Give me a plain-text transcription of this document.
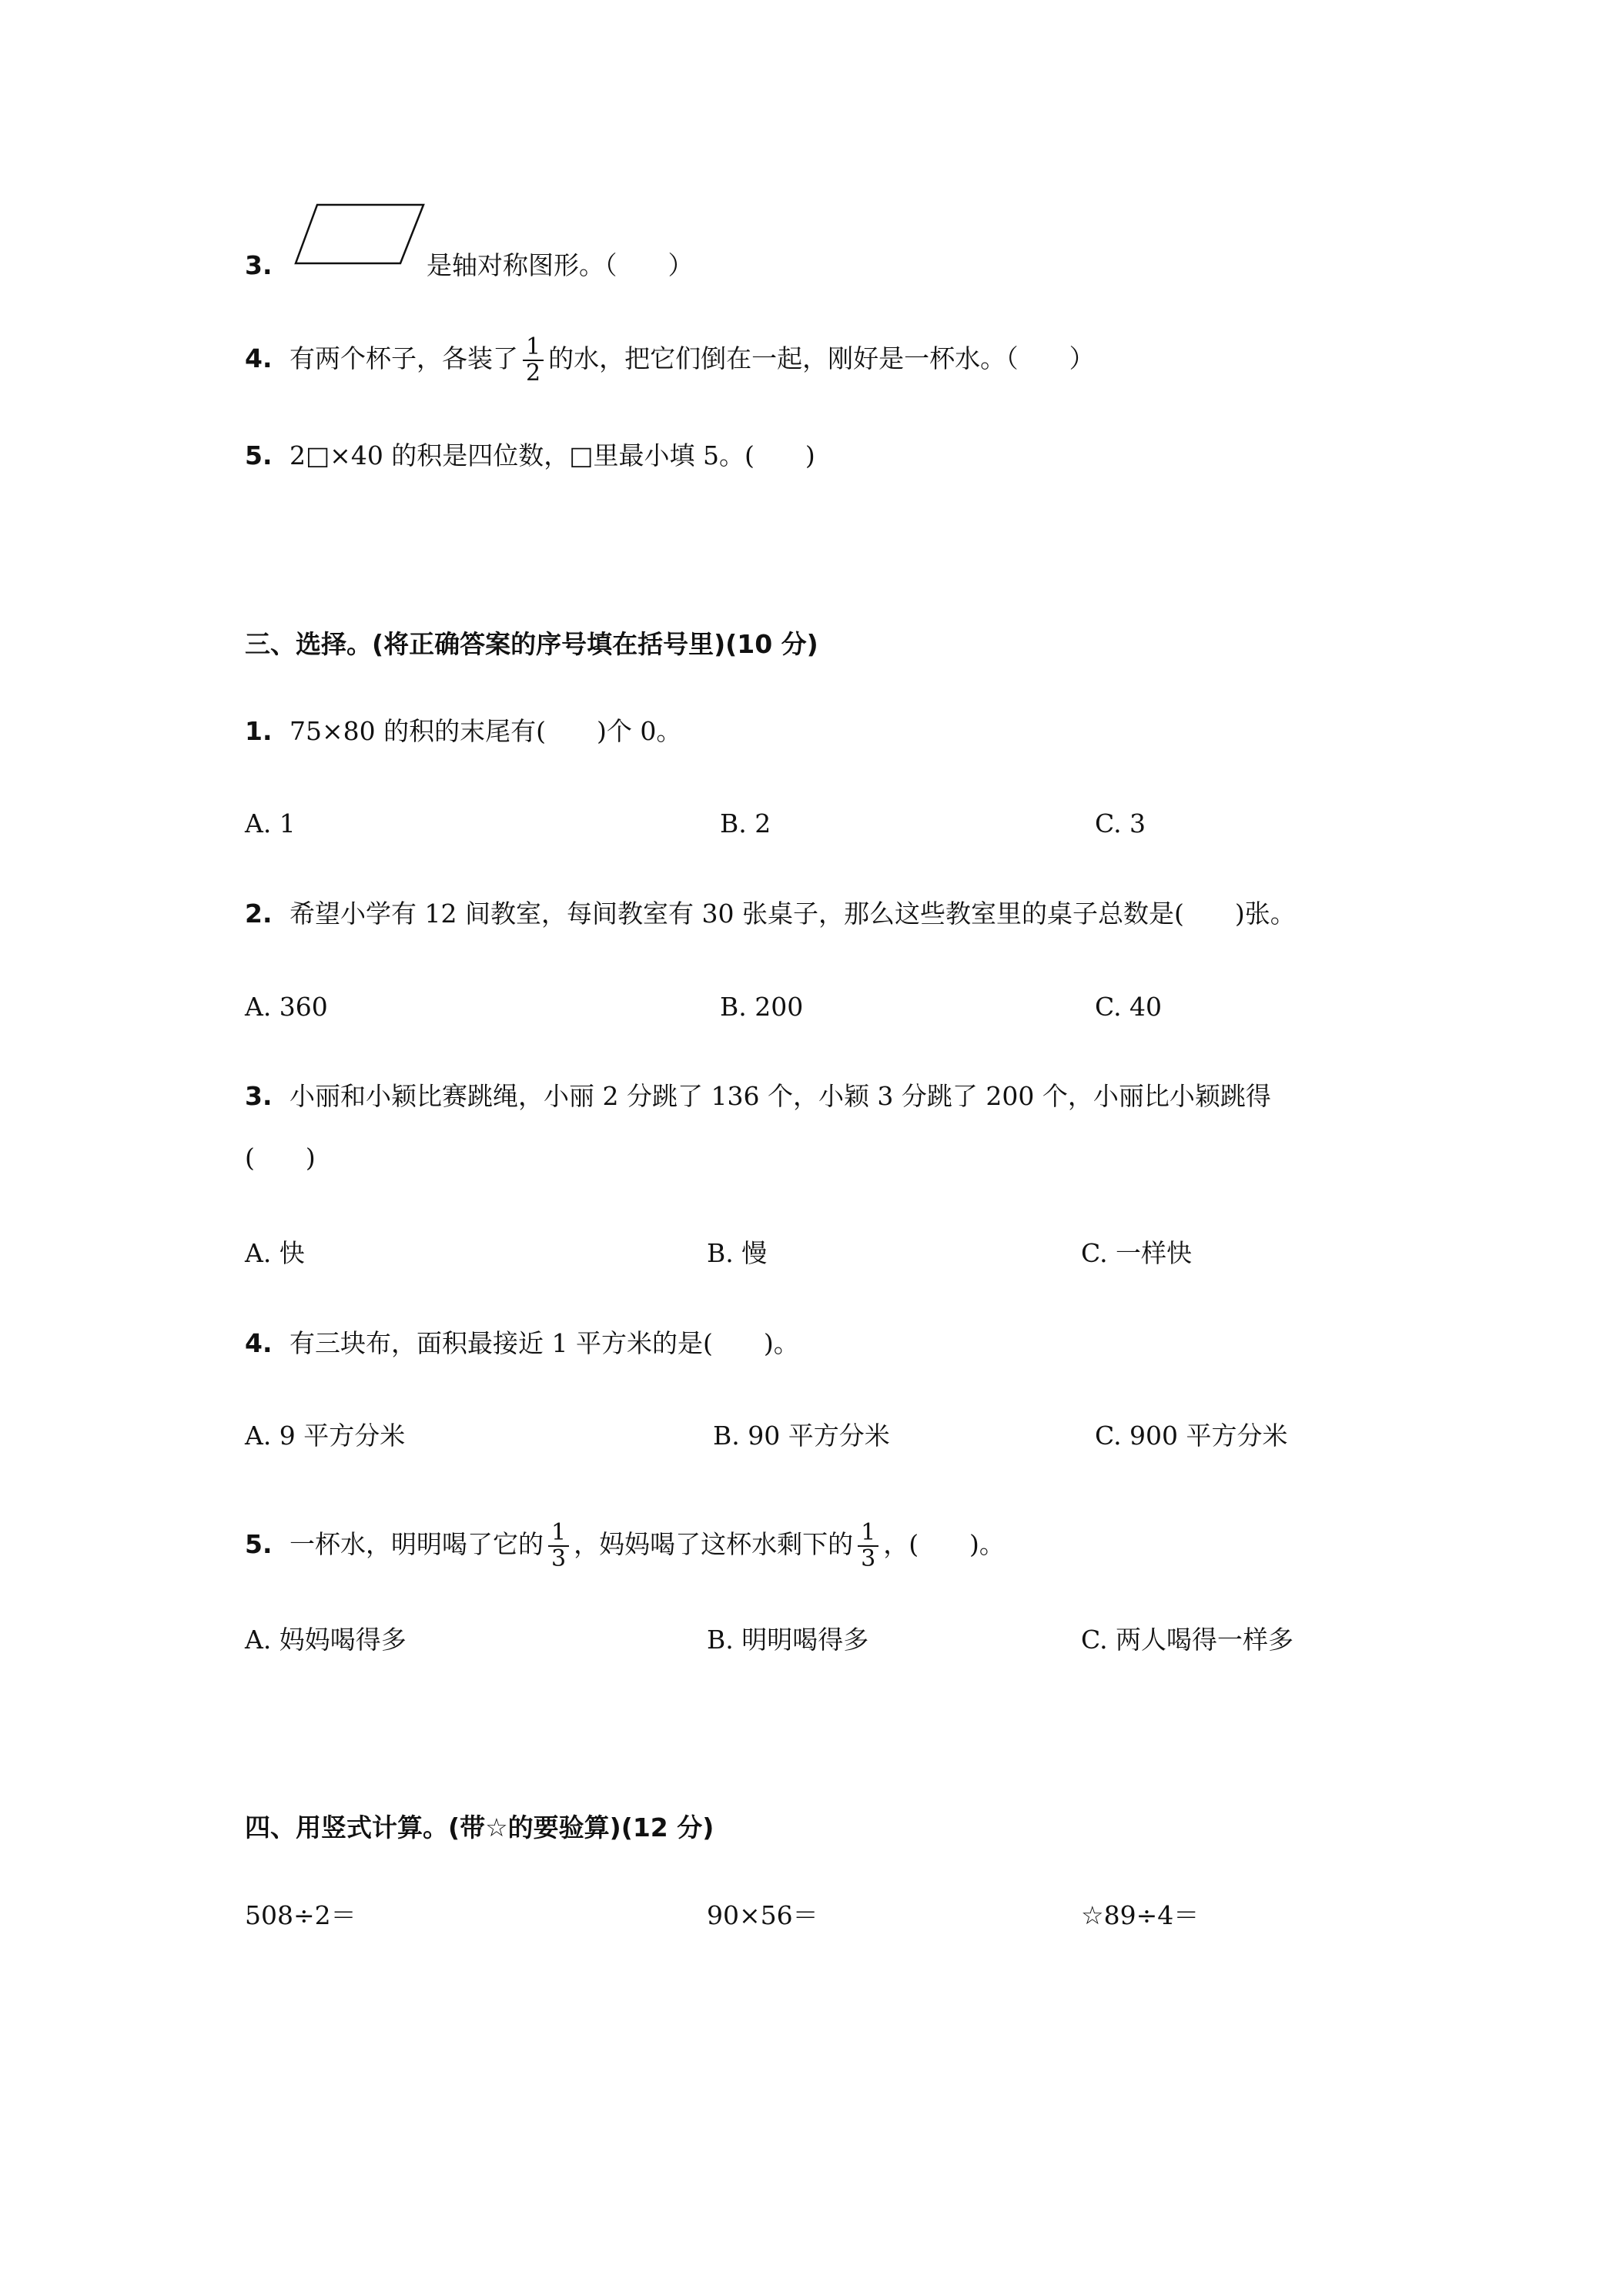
3.	是轴对称图形。（　　）
4. 有两个杯子，各装了 $\frac{1}{2}$ 的水，把它们倒在一起，刚好是一杯水。（　　）
5. 2□×40 的积是四位数，□里最小填 5。(　　)
三、选择。(将正确答案的序号填在括号里)(10 分)
1. 75×80 的积的末尾有(　　)个 0。
A. 1	B. 2	C. 3
2. 希望小学有 12 间教室，每间教室有 30 张桌子，那么这些教室里的桌子总数是(　　)张。
A. 360	B. 200	C. 40
3. 小丽和小颖比赛跳绳，小丽 2 分跳了 136 个，小颖 3 分跳了 200 个，小丽比小颖跳得
(　　)
A. 快	B. 慢	C. 一样快
4. 有三块布，面积最接近 1 平方米的是(　　)。
A. 9 平方分米	B. 90 平方分米	C. 900 平方分米
5. 一杯水，明明喝了它的 $\frac{1}{3}$ ，妈妈喝了这杯水剩下的 $\frac{1}{3}$ ，(　　)。
A. 妈妈喝得多	B. 明明喝得多	C. 两人喝得一样多
四、用竖式计算。(带☆的要验算)(12 分)
508÷2＝	90×56＝	☆89÷4＝
